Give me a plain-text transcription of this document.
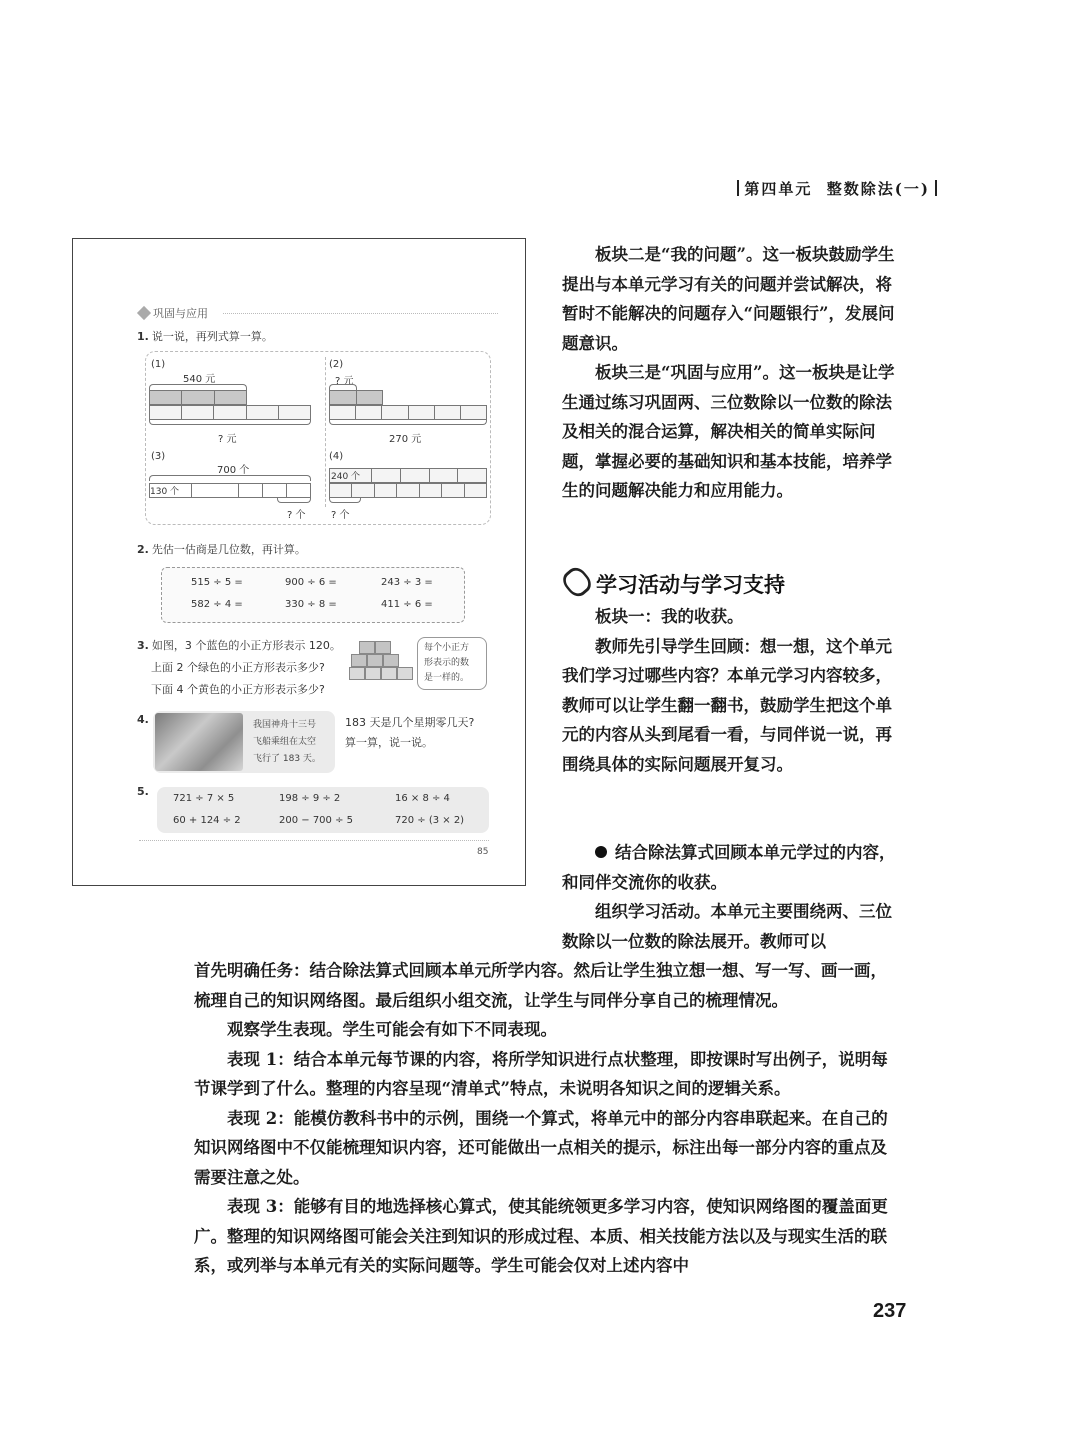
第四单元 整数除法(一)
巩固与应用
1. 说一说，再列式算一算。
(1)
540 元
? 元
(2)
? 元
270 元
(3)
700 个
130 个
? 个
(4)
240 个
? 个
2. 先估一估商是几位数，再计算。
515 ÷ 5 =	900 ÷ 6 =	243 ÷ 3 =
582 ÷ 4 =	330 ÷ 8 =	411 ÷ 6 =
3. 如图，3 个蓝色的小正方形表示 120。
上面 2 个绿色的小正方形表示多少?
下面 4 个黄色的小正方形表示多少?
每个小正方
形表示的数
是一样的。
4.	我国神舟十三号
飞船乘组在太空
飞行了 183 天。
183 天是几个星期零几天?
算一算，说一说。
5.
721 ÷ 7 × 5	198 ÷ 9 ÷ 2	16 × 8 ÷ 4
60 + 124 ÷ 2	200 − 700 ÷ 5	720 ÷ (3 × 2)
85

板块二是“我的问题”。这一板块鼓励学生提出与本单元学习有关的问题并尝试解决，将暂时不能解决的问题存入“问题银行”，发展问题意识。

板块三是“巩固与应用”。这一板块是让学生通过练习巩固两、三位数除以一位数的除法及相关的混合运算，解决相关的简单实际问题，掌握必要的基础知识和基本技能，培养学生的问题解决能力和应用能力。

学习活动与学习支持

板块一：我的收获。

教师先引导学生回顾：想一想，这个单元我们学习过哪些内容？本单元学习内容较多，教师可以让学生翻一翻书，鼓励学生把这个单元的内容从头到尾看一看，与同伴说一说，再围绕具体的实际问题展开复习。

结合除法算式回顾本单元学过的内容，和同伴交流你的收获。

组织学习活动。本单元主要围绕两、三位数除以一位数的除法展开。教师可以

首先明确任务：结合除法算式回顾本单元所学内容。然后让学生独立想一想、写一写、画一画，梳理自己的知识网络图。最后组织小组交流，让学生与同伴分享自己的梳理情况。

观察学生表现。学生可能会有如下不同表现。

表现 1：结合本单元每节课的内容，将所学知识进行点状整理，即按课时写出例子，说明每节课学到了什么。整理的内容呈现“清单式”特点，未说明各知识之间的逻辑关系。

表现 2：能模仿教科书中的示例，围绕一个算式，将单元中的部分内容串联起来。在自己的知识网络图中不仅能梳理知识内容，还可能做出一点相关的提示，标注出每一部分内容的重点及需要注意之处。

表现 3：能够有目的地选择核心算式，使其能统领更多学习内容，使知识网络图的覆盖面更广。整理的知识网络图可能会关注到知识的形成过程、本质、相关技能方法以及与现实生活的联系，或列举与本单元有关的实际问题等。学生可能会仅对上述内容中

237
